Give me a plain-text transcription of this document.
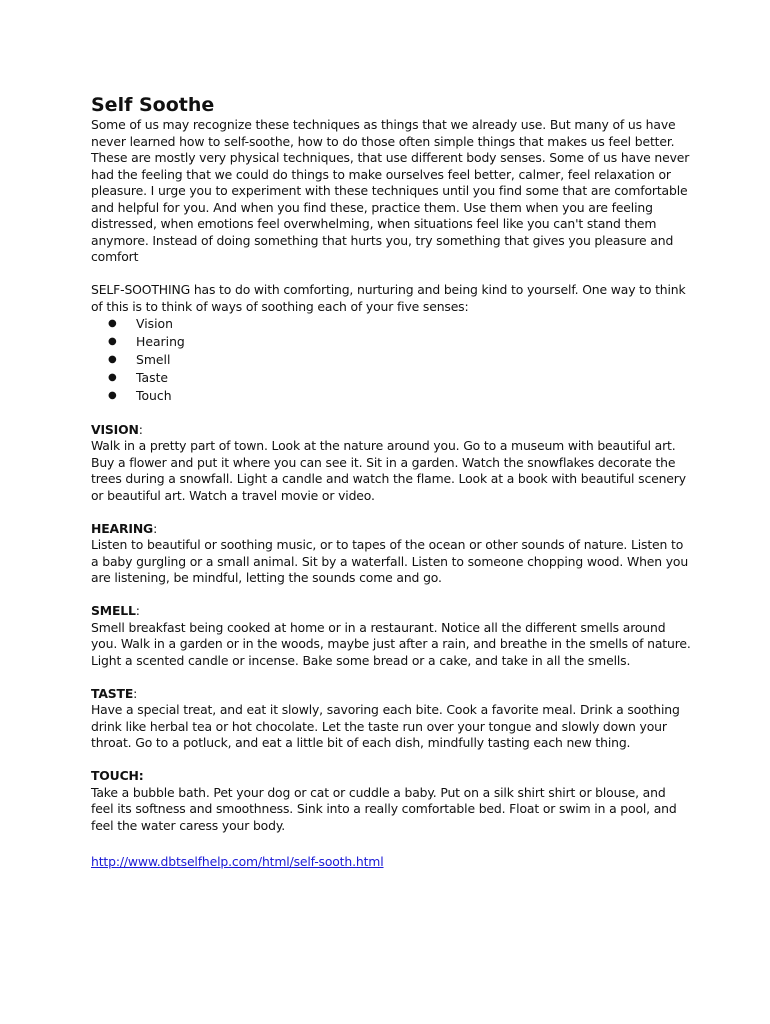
Self Soothe

Some of us may recognize these techniques as things that we already use. But many of us have never learned how to self-soothe, how to do those often simple things that makes us feel better. These are mostly very physical techniques, that use different body senses. Some of us have never had the feeling that we could do things to make ourselves feel better, calmer, feel relaxation or pleasure. I urge you to experiment with these techniques until you find some that are comfortable and helpful for you. And when you find these, practice them. Use them when you are feeling distressed, when emotions feel overwhelming, when situations feel like you can't stand them anymore. Instead of doing something that hurts you, try something that gives you pleasure and comfort

SELF-SOOTHING has to do with comforting, nurturing and being kind to yourself. One way to think of this is to think of ways of soothing each of your five senses:

● Vision
● Hearing
● Smell
● Taste
● Touch

VISION:

Walk in a pretty part of town. Look at the nature around you. Go to a museum with beautiful art. Buy a flower and put it where you can see it. Sit in a garden. Watch the snowflakes decorate the trees during a snowfall. Light a candle and watch the flame. Look at a book with beautiful scenery or beautiful art. Watch a travel movie or video.

HEARING:

Listen to beautiful or soothing music, or to tapes of the ocean or other sounds of nature. Listen to a baby gurgling or a small animal. Sit by a waterfall. Listen to someone chopping wood. When you are listening, be mindful, letting the sounds come and go.

SMELL:

Smell breakfast being cooked at home or in a restaurant. Notice all the different smells around you. Walk in a garden or in the woods, maybe just after a rain, and breathe in the smells of nature. Light a scented candle or incense. Bake some bread or a cake, and take in all the smells.

TASTE:

Have a special treat, and eat it slowly, savoring each bite. Cook a favorite meal. Drink a soothing drink like herbal tea or hot chocolate. Let the taste run over your tongue and slowly down your throat. Go to a potluck, and eat a little bit of each dish, mindfully tasting each new thing.

TOUCH:

Take a bubble bath. Pet your dog or cat or cuddle a baby. Put on a silk shirt shirt or blouse, and feel its softness and smoothness. Sink into a really comfortable bed. Float or swim in a pool, and feel the water caress your body.

http://www.dbtselfhelp.com/html/self-sooth.html
